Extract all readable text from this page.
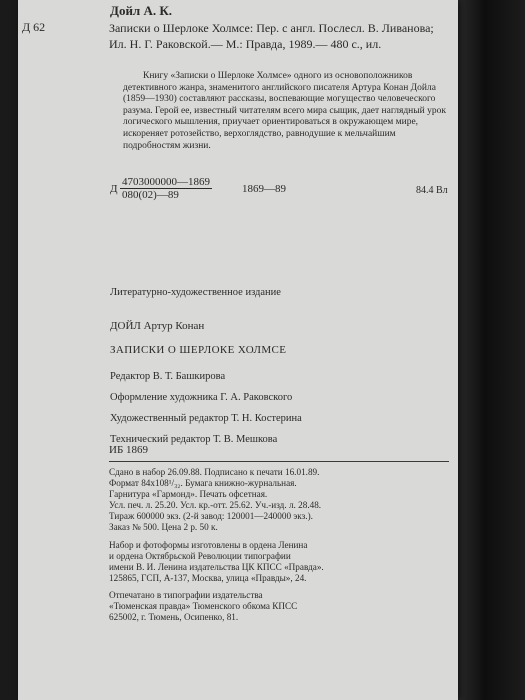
Дойл А. К.
Д 62	Записки о Шерлоке Холмсе: Пер. с англ. Послесл. В. Ливанова; Ил. Н. Г. Раковской.— М.: Правда, 1989.— 480 с., ил.
Книгу «Записки о Шерлоке Холмсе» одного из основоположников детективного жанра, знаменитого английского писателя Артура Конан Дойла (1859—1930) составляют рассказы, воспевающие могущество человеческого разума. Герой ее, известный читателям всего мира сыщик, дает наглядный урок логического мышления, приучает ориентироваться в окружающем мире, искореняет ротозейство, верхоглядство, равнодушие к мельчайшим подробностям жизни.
Д $\frac{4703000000—1869}{080(02)—89}$	1869—89	84.4 Вл
Литературно-художественное издание
ДОЙЛ Артур Конан
ЗАПИСКИ О ШЕРЛОКЕ ХОЛМСЕ
Редактор В. Т. Башкирова
Оформление художника Г. А. Раковского
Художественный редактор Т. Н. Костерина
Технический редактор Т. В. Мешкова
ИБ 1869
Сдано в набор 26.09.88. Подписано к печати 16.01.89.
Формат 84х108¹/₃₂. Бумага книжно-журнальная.
Гарнитура «Гармонд». Печать офсетная.
Усл. печ. л. 25.20. Усл. кр.-отт. 25.62. Уч.-изд. л. 28.48.
Тираж 600000 экз. (2-й завод: 120001—240000 экз.).
Заказ № 500. Цена 2 р. 50 к.
Набор и фотоформы изготовлены в ордена Ленина
и ордена Октябрьской Революции типографии
имени В. И. Ленина издательства ЦК КПСС «Правда».
125865, ГСП, А-137, Москва, улица «Правды», 24.
Отпечатано в типографии издательства
«Тюменская правда» Тюменского обкома КПСС
625002, г. Тюмень, Осипенко, 81.
